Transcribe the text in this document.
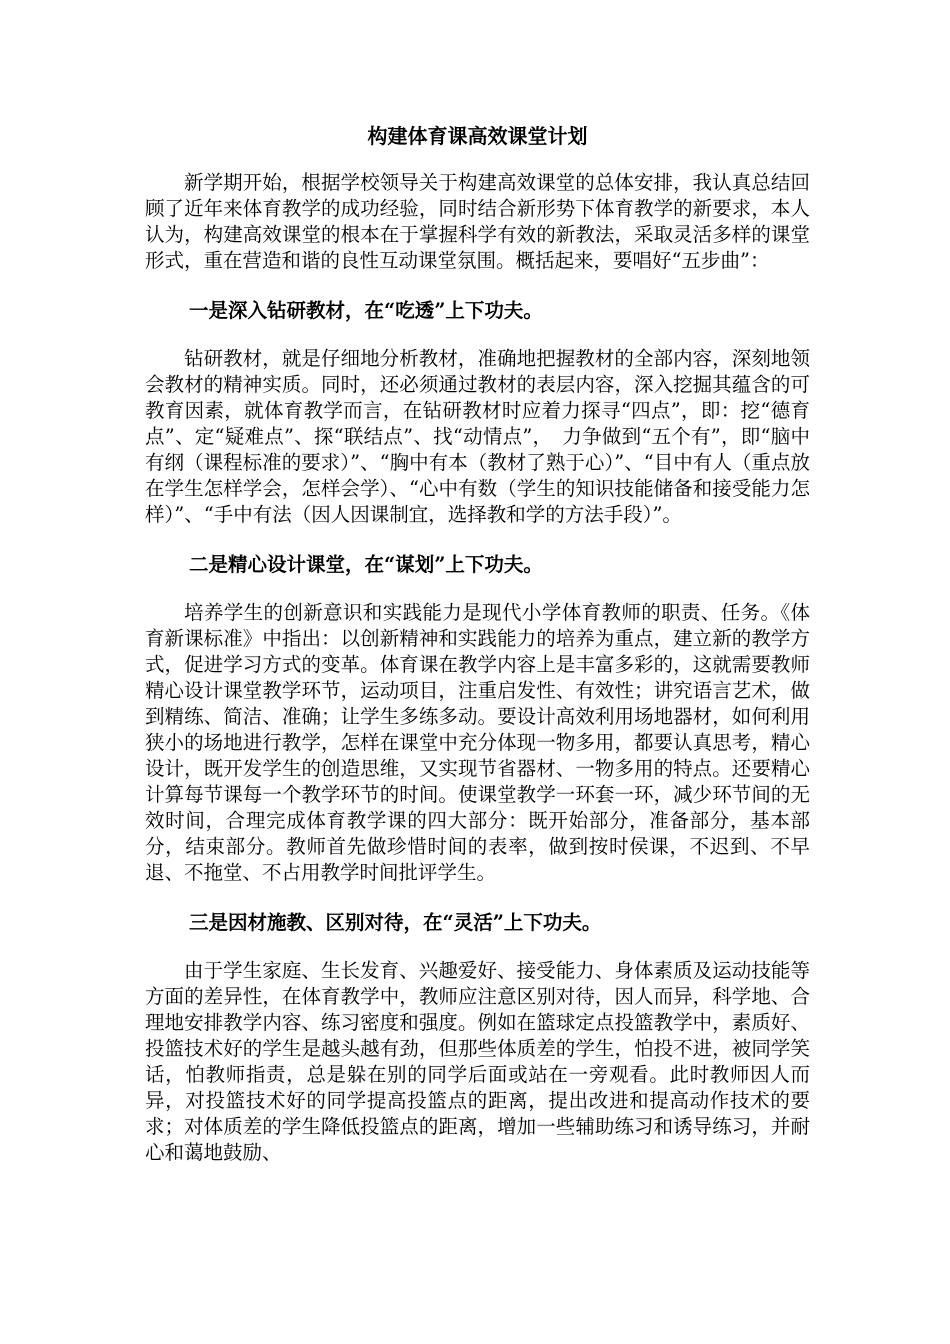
构建体育课高效课堂计划

新学期开始，根据学校领导关于构建高效课堂的总体安排，我认真总结回顾了近年来体育教学的成功经验，同时结合新形势下体育教学的新要求，本人认为，构建高效课堂的根本在于掌握科学有效的新教法，采取灵活多样的课堂形式，重在营造和谐的良性互动课堂氛围。概括起来，要唱好“五步曲”：

一是深入钻研教材，在“吃透”上下功夫。

钻研教材，就是仔细地分析教材，准确地把握教材的全部内容，深刻地领会教材的精神实质。同时，还必须通过教材的表层内容，深入挖掘其蕴含的可教育因素，就体育教学而言，在钻研教材时应着力探寻“四点”，即：挖“德育点”、定“疑难点”、探“联结点”、找“动情点”，　力争做到“五个有”，即“脑中有纲（课程标准的要求）”、“胸中有本（教材了熟于心）”、“目中有人（重点放在学生怎样学会，怎样会学）、“心中有数（学生的知识技能储备和接受能力怎样）”、“手中有法（因人因课制宜，选择教和学的方法手段）”。

二是精心设计课堂，在“谋划”上下功夫。

培养学生的创新意识和实践能力是现代小学体育教师的职责、任务。《体育新课标准》中指出：以创新精神和实践能力的培养为重点，建立新的教学方式，促进学习方式的变革。体育课在教学内容上是丰富多彩的，这就需要教师精心设计课堂教学环节，运动项目，注重启发性、有效性；讲究语言艺术，做到精练、简洁、准确；让学生多练多动。要设计高效利用场地器材，如何利用狭小的场地进行教学，怎样在课堂中充分体现一物多用，都要认真思考，精心设计，既开发学生的创造思维，又实现节省器材、一物多用的特点。还要精心计算每节课每一个教学环节的时间。使课堂教学一环套一环，减少环节间的无效时间，合理完成体育教学课的四大部分：既开始部分，准备部分，基本部分，结束部分。教师首先做珍惜时间的表率，做到按时侯课，不迟到、不早退、不拖堂、不占用教学时间批评学生。

三是因材施教、区别对待，在“灵活”上下功夫。

由于学生家庭、生长发育、兴趣爱好、接受能力、身体素质及运动技能等方面的差异性，在体育教学中，教师应注意区别对待，因人而异，科学地、合理地安排教学内容、练习密度和强度。例如在篮球定点投篮教学中，素质好、投篮技术好的学生是越头越有劲，但那些体质差的学生，怕投不进，被同学笑话，怕教师指责，总是躲在别的同学后面或站在一旁观看。此时教师因人而异，对投篮技术好的同学提高投篮点的距离，提出改进和提高动作技术的要求；对体质差的学生降低投篮点的距离，增加一些辅助练习和诱导练习，并耐心和蔼地鼓励、
